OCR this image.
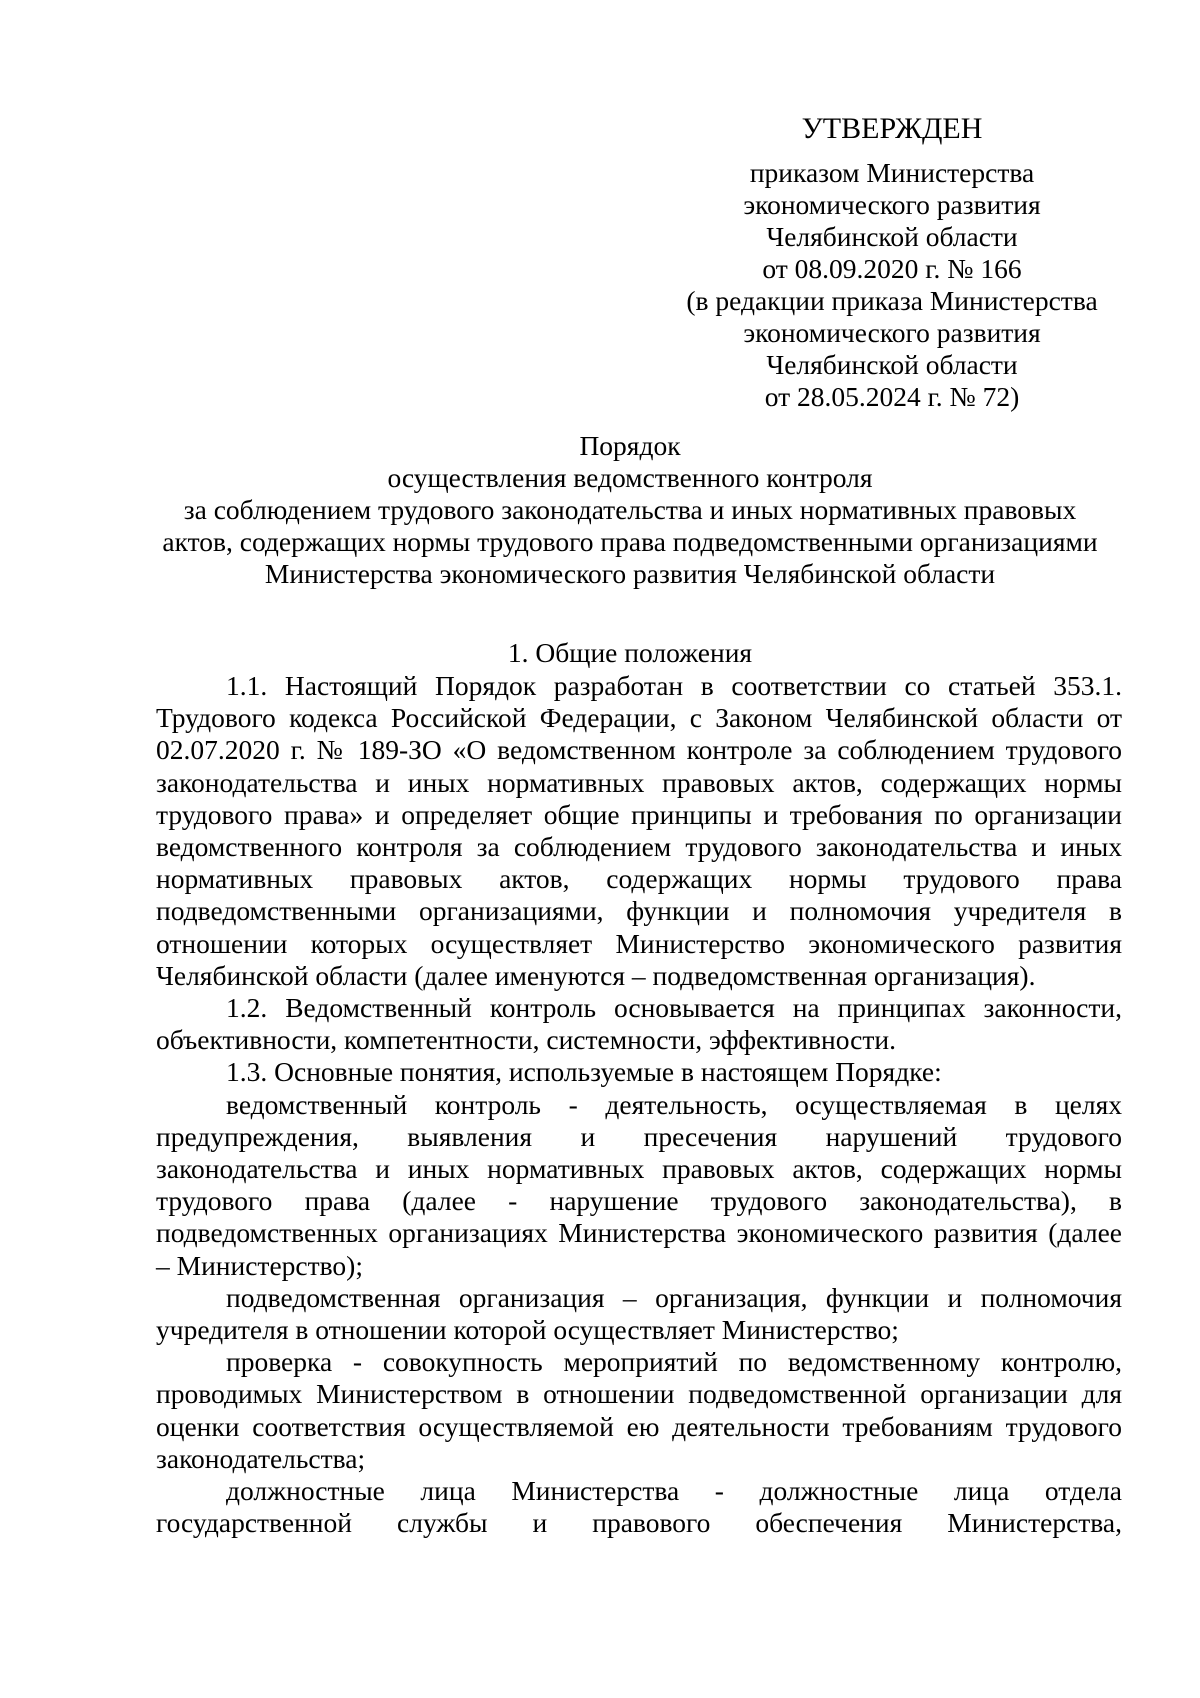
УТВЕРЖДЕН
приказом Министерства
экономического развития
Челябинской области
от 08.09.2020 г. № 166
(в редакции приказа Министерства
экономического развития
Челябинской области
от 28.05.2024 г. № 72)
Порядок
осуществления ведомственного контроля
за соблюдением трудового законодательства и иных нормативных правовых
актов, содержащих нормы трудового права подведомственными организациями
Министерства экономического развития Челябинской области
1. Общие положения

1.1. Настоящий Порядок разработан в соответствии со статьей 353.1. Трудового кодекса Российской Федерации, с Законом Челябинской области от 02.07.2020 г. № 189-ЗО «О ведомственном контроле за соблюдением трудового законодательства и иных нормативных правовых актов, содержащих нормы трудового права» и определяет общие принципы и требования по организации ведомственного контроля за соблюдением трудового законодательства и иных нормативных правовых актов, содержащих нормы трудового права подведомственными организациями, функции и полномочия учредителя в отношении которых осуществляет Министерство экономического развития Челябинской области (далее именуются – подведомственная организация).

1.2. Ведомственный контроль основывается на принципах законности, объективности, компетентности, системности, эффективности.

1.3. Основные понятия, используемые в настоящем Порядке:

ведомственный контроль - деятельность, осуществляемая в целях предупреждения, выявления и пресечения нарушений трудового законодательства и иных нормативных правовых актов, содержащих нормы трудового права (далее - нарушение трудового законодательства), в подведомственных организациях Министерства экономического развития (далее – Министерство);

подведомственная организация – организация, функции и полномочия учредителя в отношении которой осуществляет Министерство;

проверка - совокупность мероприятий по ведомственному контролю, проводимых Министерством в отношении подведомственной организации для оценки соответствия осуществляемой ею деятельности требованиям трудового законодательства;

должностные лица Министерства - должностные лица отдела государственной службы и правового обеспечения Министерства,
